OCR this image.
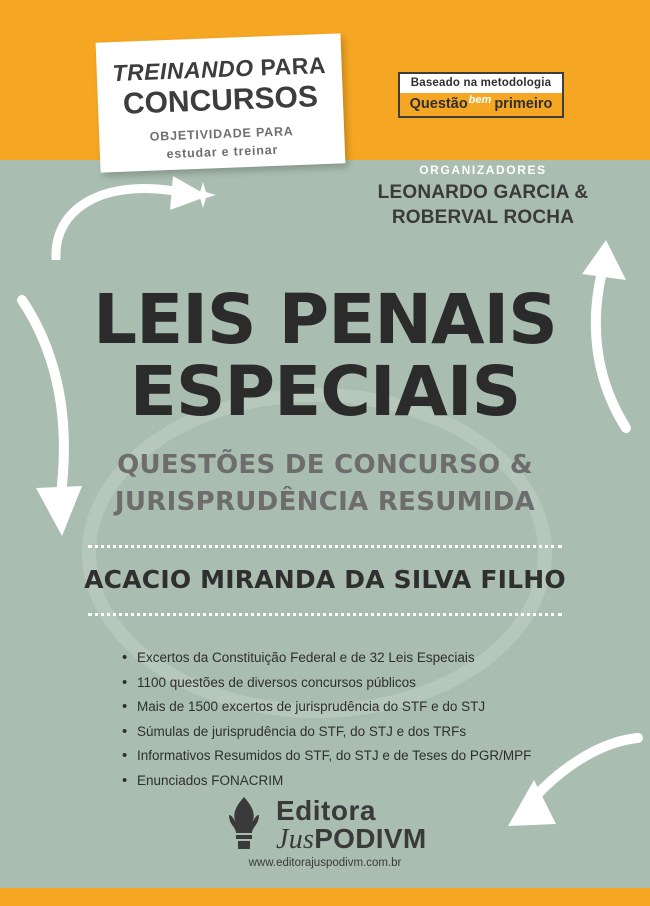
TREINANDO PARA
CONCURSOS
OBJETIVIDADE PARA
estudar e treinar
Baseado na metodologia
Questão$^{bem}$ primeiro
ORGANIZADORES
LEONARDO GARCIA &
ROBERVAL ROCHA
LEIS PENAIS
ESPECIAIS
QUESTÕES DE CONCURSO &
JURISPRUDÊNCIA RESUMIDA
ACACIO MIRANDA DA SILVA FILHO
• Excertos da Constituição Federal e de 32 Leis Especiais
• 1100 questões de diversos concursos públicos
• Mais de 1500 excertos de jurisprudência do STF e do STJ
• Súmulas de jurisprudência do STF, do STJ e dos TRFs
• Informativos Resumidos do STF, do STJ e de Teses do PGR/MPF
• Enunciados FONACRIM
Editora
JusPODIVM
www.editorajuspodivm.com.br
